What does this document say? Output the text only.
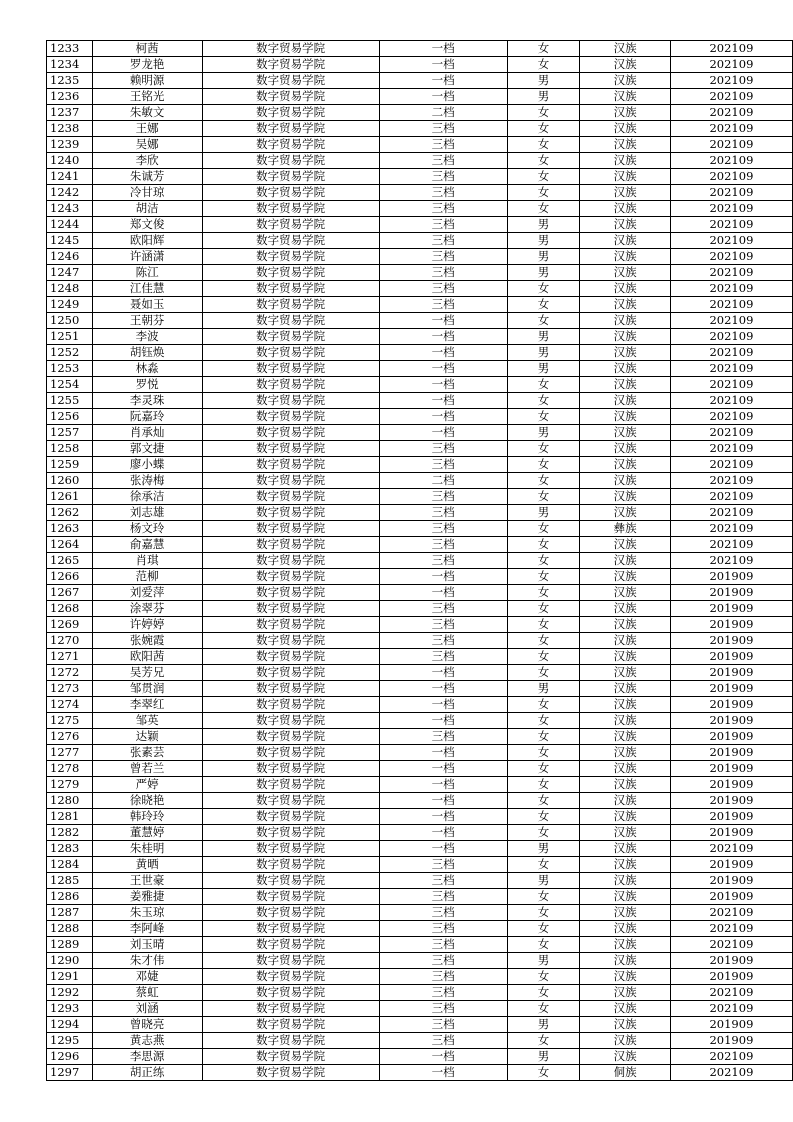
1233	柯茜	数字贸易学院	一档	女	汉族	202109
1234	罗龙艳	数字贸易学院	一档	女	汉族	202109
1235	赖明源	数字贸易学院	一档	男	汉族	202109
1236	王铭光	数字贸易学院	一档	男	汉族	202109
1237	朱敏文	数字贸易学院	二档	女	汉族	202109
1238	王娜	数字贸易学院	三档	女	汉族	202109
1239	吴娜	数字贸易学院	三档	女	汉族	202109
1240	李欣	数字贸易学院	三档	女	汉族	202109
1241	朱诚芳	数字贸易学院	三档	女	汉族	202109
1242	冷甘琼	数字贸易学院	三档	女	汉族	202109
1243	胡洁	数字贸易学院	三档	女	汉族	202109
1244	郑文俊	数字贸易学院	三档	男	汉族	202109
1245	欧阳辉	数字贸易学院	三档	男	汉族	202109
1246	许涵潇	数字贸易学院	三档	男	汉族	202109
1247	陈江	数字贸易学院	三档	男	汉族	202109
1248	江佳慧	数字贸易学院	三档	女	汉族	202109
1249	聂如玉	数字贸易学院	三档	女	汉族	202109
1250	王朝芬	数字贸易学院	一档	女	汉族	202109
1251	李波	数字贸易学院	一档	男	汉族	202109
1252	胡钰焕	数字贸易学院	一档	男	汉族	202109
1253	林淼	数字贸易学院	一档	男	汉族	202109
1254	罗悦	数字贸易学院	一档	女	汉族	202109
1255	李灵珠	数字贸易学院	一档	女	汉族	202109
1256	阮嘉玲	数字贸易学院	一档	女	汉族	202109
1257	肖承灿	数字贸易学院	一档	男	汉族	202109
1258	郭文捷	数字贸易学院	三档	女	汉族	202109
1259	廖小蝶	数字贸易学院	三档	女	汉族	202109
1260	张涛梅	数字贸易学院	二档	女	汉族	202109
1261	徐承洁	数字贸易学院	三档	女	汉族	202109
1262	刘志雄	数字贸易学院	三档	男	汉族	202109
1263	杨文玲	数字贸易学院	三档	女	彝族	202109
1264	俞嘉慧	数字贸易学院	三档	女	汉族	202109
1265	肖琪	数字贸易学院	三档	女	汉族	202109
1266	范柳	数字贸易学院	一档	女	汉族	201909
1267	刘爱萍	数字贸易学院	一档	女	汉族	201909
1268	涂翠芬	数字贸易学院	三档	女	汉族	201909
1269	许婷婷	数字贸易学院	三档	女	汉族	201909
1270	张婉霞	数字贸易学院	三档	女	汉族	201909
1271	欧阳茜	数字贸易学院	三档	女	汉族	201909
1272	吴芳兄	数字贸易学院	一档	女	汉族	201909
1273	邹贯润	数字贸易学院	一档	男	汉族	201909
1274	李翠红	数字贸易学院	一档	女	汉族	201909
1275	邹英	数字贸易学院	一档	女	汉族	201909
1276	达颖	数字贸易学院	三档	女	汉族	201909
1277	张素芸	数字贸易学院	一档	女	汉族	201909
1278	曾若兰	数字贸易学院	一档	女	汉族	201909
1279	严婷	数字贸易学院	一档	女	汉族	201909
1280	徐晓艳	数字贸易学院	一档	女	汉族	201909
1281	韩玲玲	数字贸易学院	一档	女	汉族	201909
1282	董慧婷	数字贸易学院	一档	女	汉族	201909
1283	朱桂明	数字贸易学院	一档	男	汉族	202109
1284	黄晒	数字贸易学院	三档	女	汉族	201909
1285	王世豪	数字贸易学院	三档	男	汉族	201909
1286	姜雅捷	数字贸易学院	三档	女	汉族	201909
1287	朱玉琼	数字贸易学院	三档	女	汉族	202109
1288	李阿峰	数字贸易学院	三档	女	汉族	202109
1289	刘玉晴	数字贸易学院	三档	女	汉族	202109
1290	朱才伟	数字贸易学院	三档	男	汉族	201909
1291	邓婕	数字贸易学院	三档	女	汉族	201909
1292	蔡虹	数字贸易学院	三档	女	汉族	202109
1293	刘涵	数字贸易学院	三档	女	汉族	202109
1294	曾晓亮	数字贸易学院	三档	男	汉族	201909
1295	黄志燕	数字贸易学院	三档	女	汉族	201909
1296	李思源	数字贸易学院	一档	男	汉族	202109
1297	胡正练	数字贸易学院	一档	女	侗族	202109
